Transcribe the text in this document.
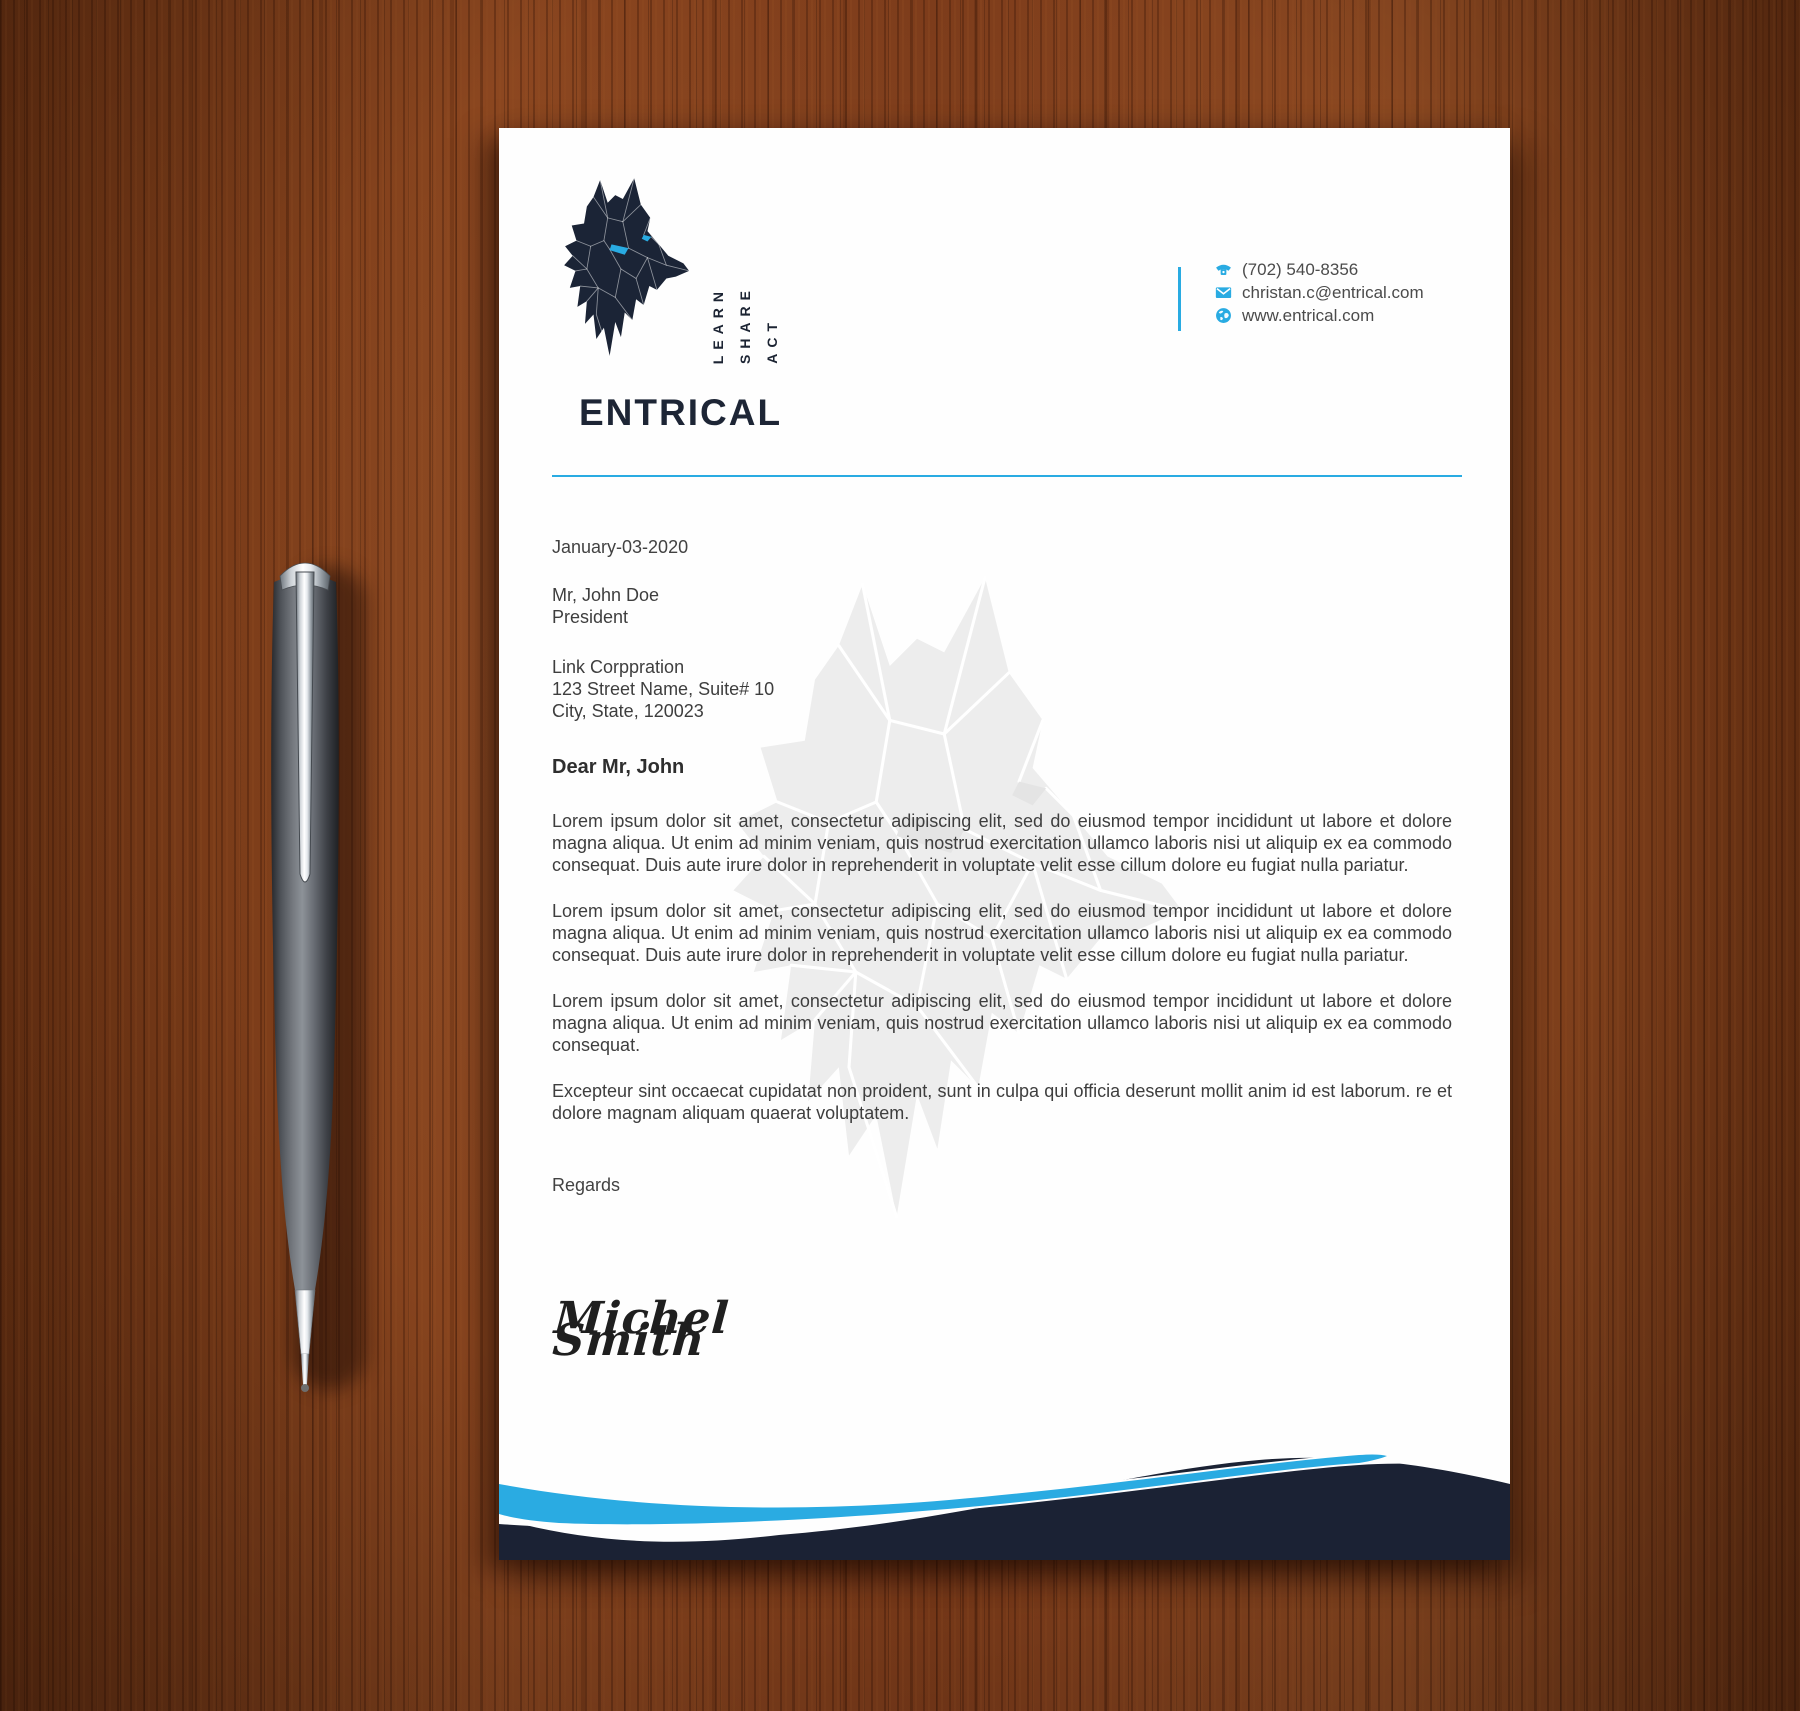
LEARN SHARE ACT
ENTRICAL
(702) 540-8356
christan.c@entrical.com
www.entrical.com
January-03-2020
Mr, John Doe
President
Link Corppration
123 Street Name, Suite# 10
City, State, 120023
Dear Mr, John

Lorem ipsum dolor sit amet, consectetur adipiscing elit, sed do eiusmod tempor incididunt ut labore et dolore magna aliqua. Ut enim ad minim veniam, quis nostrud exercitation ullamco laboris nisi ut aliquip ex ea commodo consequat. Duis aute irure dolor in reprehenderit in voluptate velit esse cillum dolore eu fugiat nulla pariatur.

Lorem ipsum dolor sit amet, consectetur adipiscing elit, sed do eiusmod tempor incididunt ut labore et dolore magna aliqua. Ut enim ad minim veniam, quis nostrud exercitation ullamco laboris nisi ut aliquip ex ea commodo consequat. Duis aute irure dolor in reprehenderit in voluptate velit esse cillum dolore eu fugiat nulla pariatur.

Lorem ipsum dolor sit amet, consectetur adipiscing elit, sed do eiusmod tempor incididunt ut labore et dolore magna aliqua. Ut enim ad minim veniam, quis nostrud exercitation ullamco laboris nisi ut aliquip ex ea commodo consequat.

Excepteur sint occaecat cupidatat non proident, sunt in culpa qui officia deserunt mollit anim id est laborum. re et dolore magnam aliquam quaerat voluptatem.

Regards
Michel Smith
